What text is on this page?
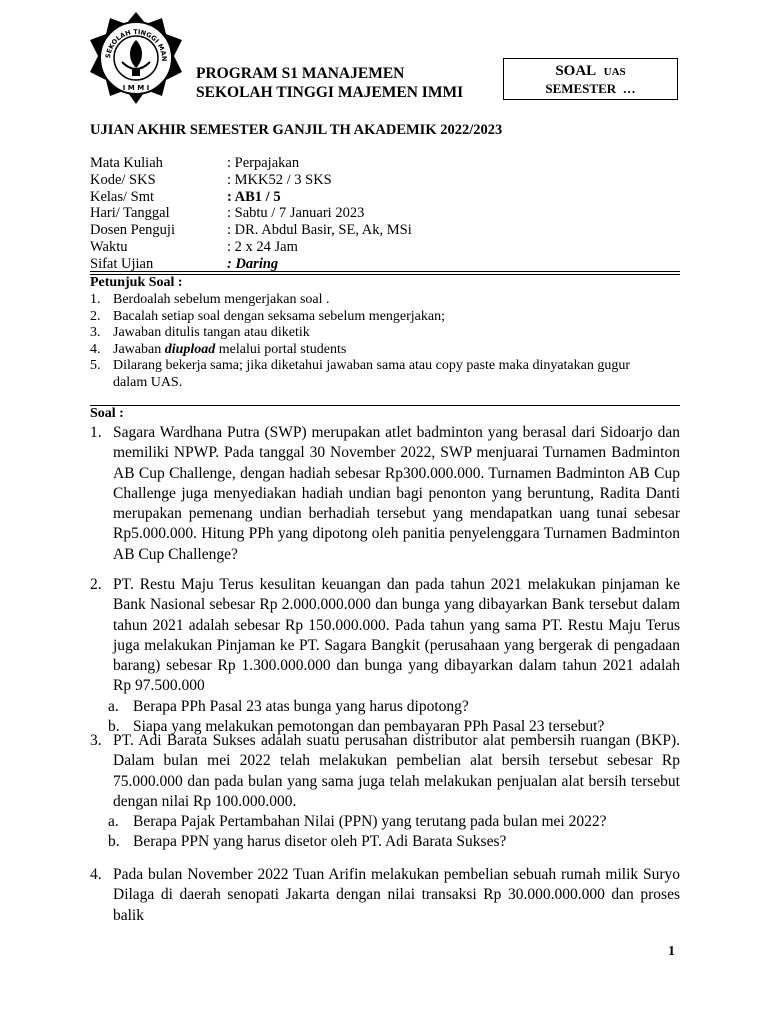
SEKOLAH TINGGI MAN
I M M I
PROGRAM S1 MANAJEMEN
SEKOLAH TINGGI MAJEMEN IMMI
SOAL UAS
SEMESTER …
UJIAN AKHIR SEMESTER GANJIL TH AKADEMIK 2022/2023
Mata Kuliah	: Perpajakan
Kode/ SKS	: MKK52 / 3 SKS
Kelas/ Smt	: AB1 / 5
Hari/ Tanggal	: Sabtu / 7 Januari 2023
Dosen Penguji	: DR. Abdul Basir, SE, Ak, MSi
Waktu	: 2 x 24 Jam
Sifat Ujian	: Daring
Petunjuk Soal :
1. Berdoalah sebelum mengerjakan soal .
2. Bacalah setiap soal dengan seksama sebelum mengerjakan;
3. Jawaban ditulis tangan atau diketik
4. Jawaban diupload melalui portal students
5. Dilarang bekerja sama; jika diketahui jawaban sama atau copy paste maka dinyatakan gugur dalam UAS.
Soal :
1. Sagara Wardhana Putra (SWP) merupakan atlet badminton yang berasal dari Sidoarjo dan memiliki NPWP. Pada tanggal 30 November 2022, SWP menjuarai Turnamen Badminton AB Cup Challenge, dengan hadiah sebesar Rp300.000.000. Turnamen Badminton AB Cup Challenge juga menyediakan hadiah undian bagi penonton yang beruntung, Radita Danti merupakan pemenang undian berhadiah tersebut yang mendapatkan uang tunai sebesar Rp5.000.000. Hitung PPh yang dipotong oleh panitia penyelenggara Turnamen Badminton AB Cup Challenge?
2. PT. Restu Maju Terus kesulitan keuangan dan pada tahun 2021 melakukan pinjaman ke Bank Nasional sebesar Rp 2.000.000.000 dan bunga yang dibayarkan Bank tersebut dalam tahun 2021 adalah sebesar Rp 150.000.000. Pada tahun yang sama PT. Restu Maju Terus juga melakukan Pinjaman ke PT. Sagara Bangkit (perusahaan yang bergerak di pengadaan barang) sebesar Rp 1.300.000.000 dan bunga yang dibayarkan dalam tahun 2021 adalah Rp 97.500.000
a. Berapa PPh Pasal 23 atas bunga yang harus dipotong?
b. Siapa yang melakukan pemotongan dan pembayaran PPh Pasal 23 tersebut?
3. PT. Adi Barata Sukses adalah suatu perusahan distributor alat pembersih ruangan (BKP). Dalam bulan mei 2022 telah melakukan pembelian alat bersih tersebut sebesar Rp 75.000.000 dan pada bulan yang sama juga telah melakukan penjualan alat bersih tersebut dengan nilai Rp 100.000.000.
a. Berapa Pajak Pertambahan Nilai (PPN) yang terutang pada bulan mei 2022?
b. Berapa PPN yang harus disetor oleh PT. Adi Barata Sukses?
4. Pada bulan November 2022 Tuan Arifin melakukan pembelian sebuah rumah milik Suryo Dilaga di daerah senopati Jakarta dengan nilai transaksi Rp 30.000.000.000 dan proses balik
1
